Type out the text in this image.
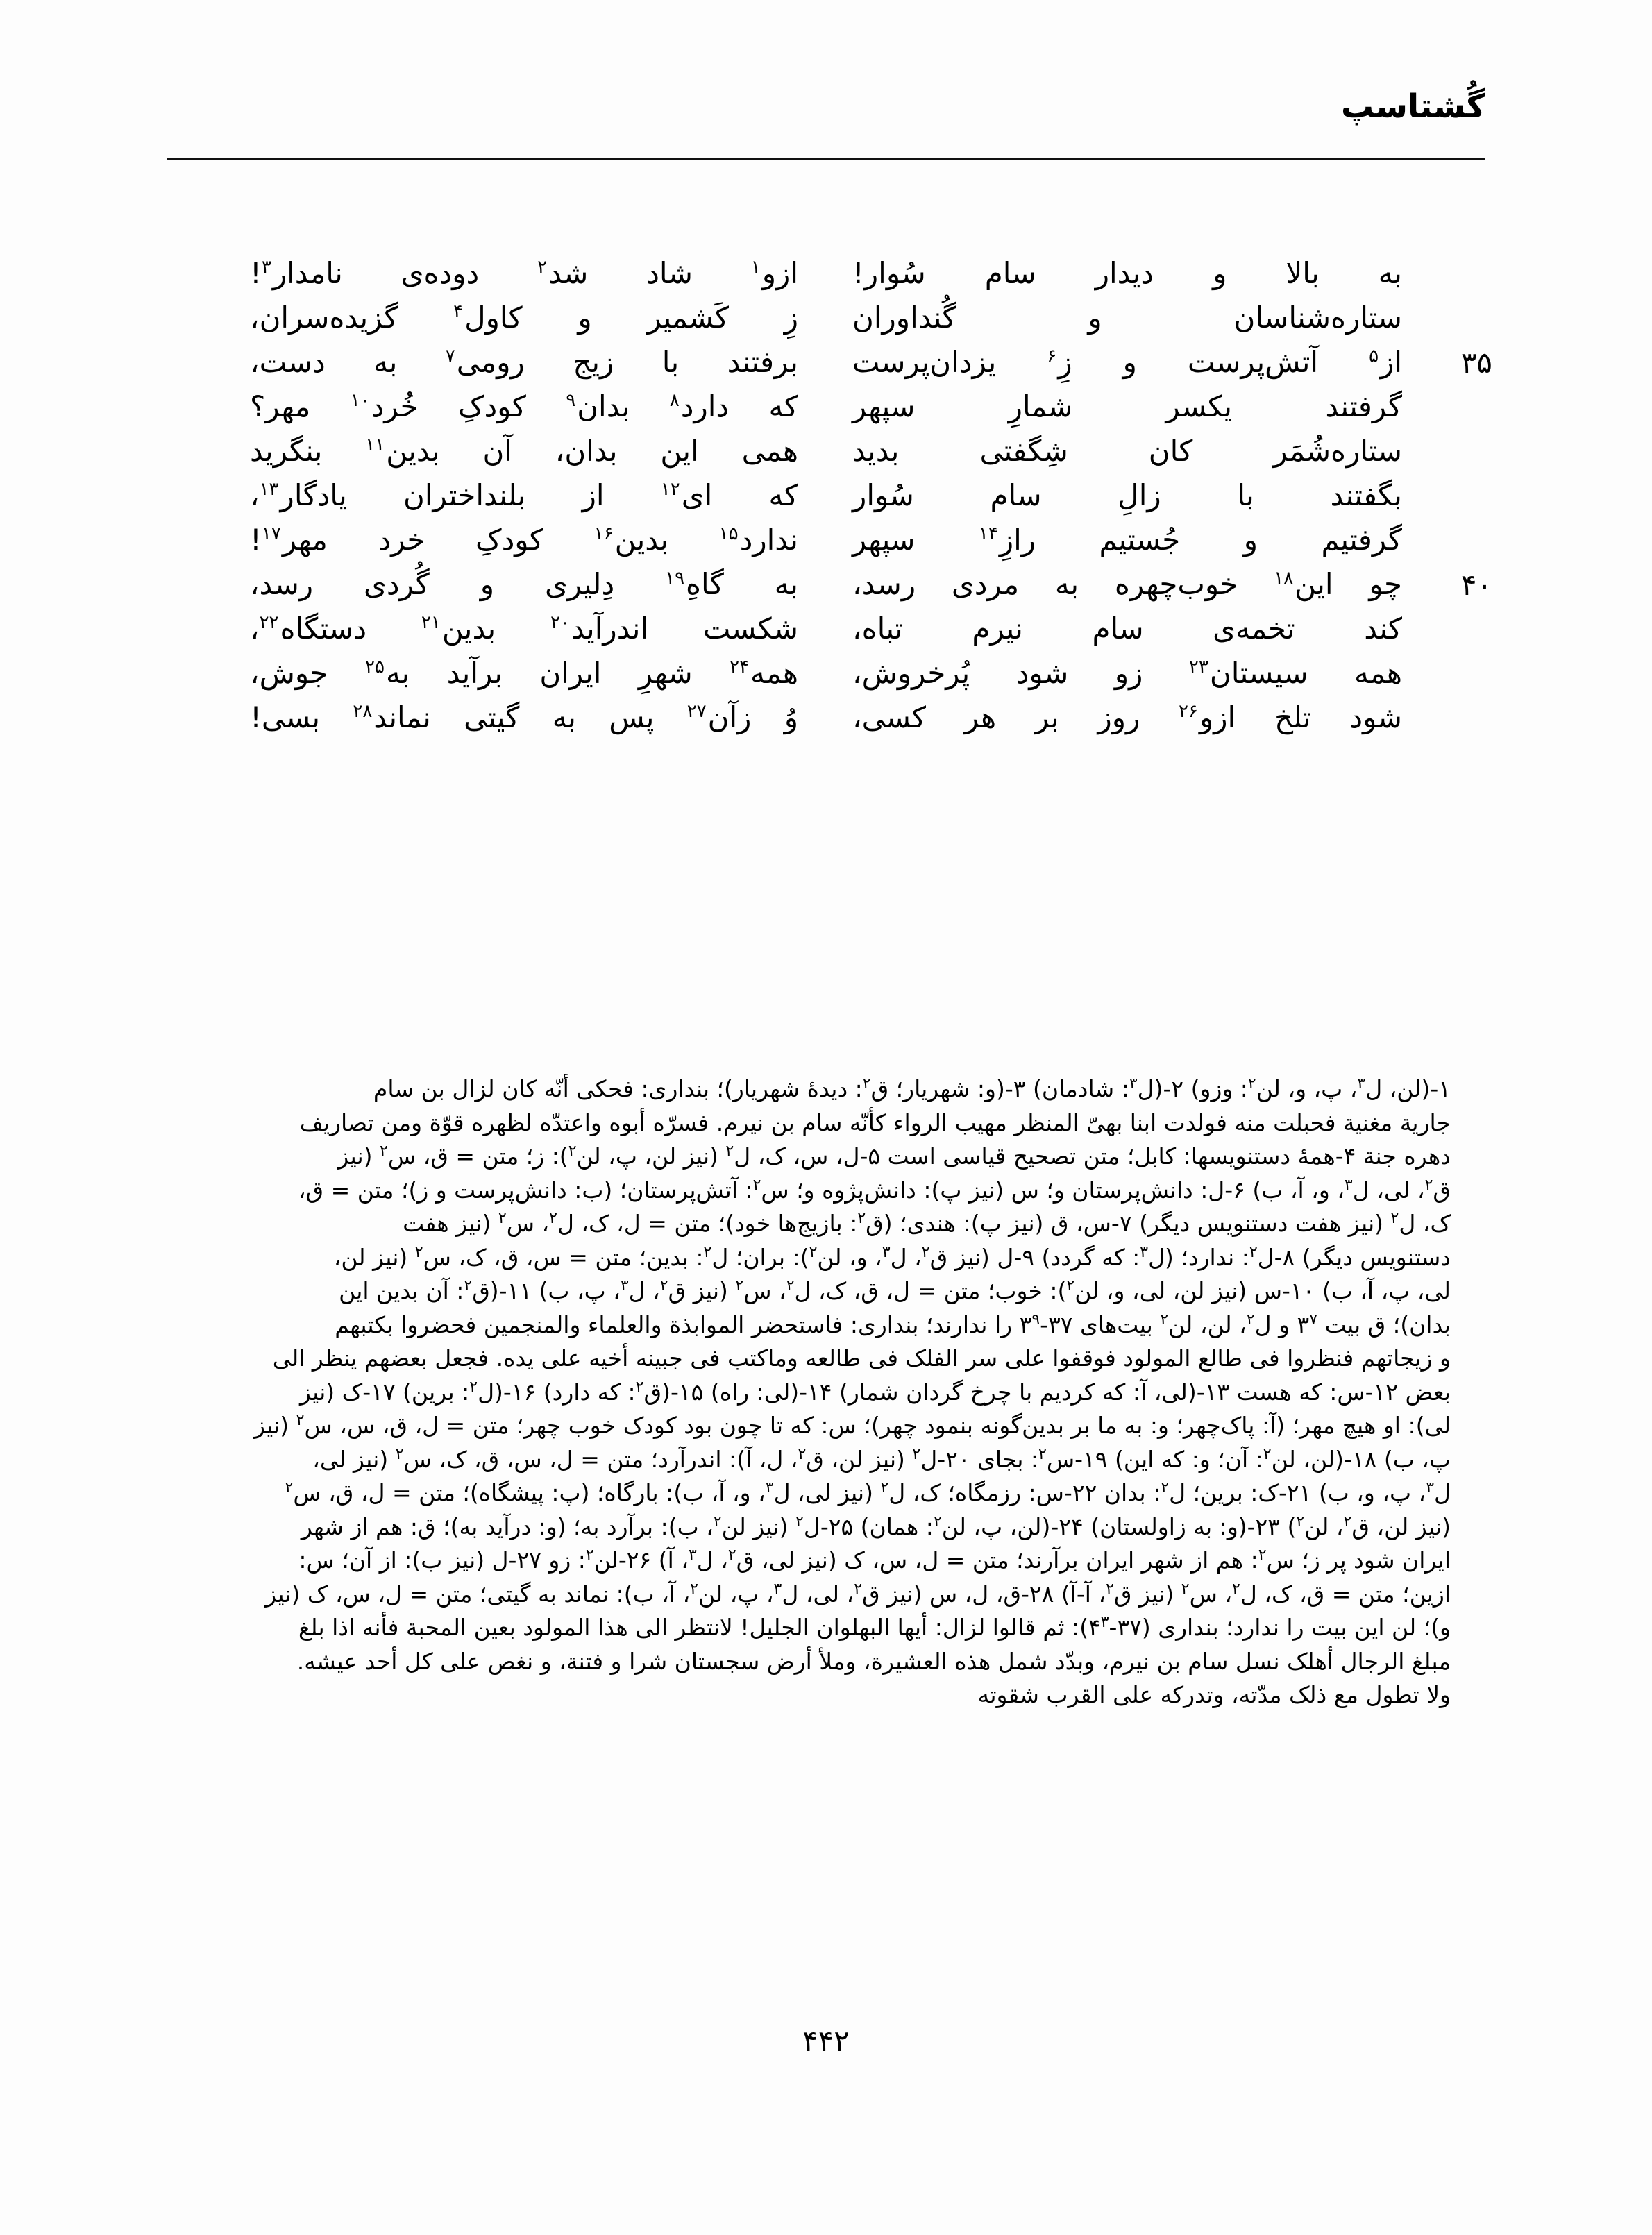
گُشتاسپ
به
بالا
و
دیدار
سام
سُوار!
ازو$^۱$
شاد
شد$^۲$
دوده‌ی
نامدار$^۳$!
ستاره‌شناسان
و
گُنداوران
زِ
کَشمیر
و
کاول$^۴$
گزیده‌سران،
۳۵
از$^۵$
آتش‌پرست
و
زِ$^۶$
یزدان‌پرست
برفتند
با
زیج
رومی$^۷$
به
دست،
گرفتند
یکسر
شمارِ
سپهر
که
دارد$^۸$
بدان$^۹$
کودکِ
خُرد$^{۱۰}$
مهر؟
ستاره‌شُمَر
کان
شِگفتی
بدید
همی
این
بدان،
آن
بدین$^{۱۱}$
بنگرید
بگفتند
با
زالِ
سام
سُوار
که
ای$^{۱۲}$
از
بلنداختران
یادگار$^{۱۳}$،
گرفتیم
و
جُستیم
رازِ$^{۱۴}$
سپهر
ندارد$^{۱۵}$
بدین$^{۱۶}$
کودکِ
خرد
مهر$^{۱۷}$!
۴۰
چو
این$^{۱۸}$
خوب‌چهره
به
مردی
رسد،
به
گاهِ$^{۱۹}$
دِلیری
و
گُردی
رسد،
کند
تخمه‌ی
سام
نیرم
تباه،
شکست
اندرآید$^{۲۰}$
بدین$^{۲۱}$
دستگاه$^{۲۲}$،
همه
سیستان$^{۲۳}$
زو
شود
پُرخروش،
همه$^{۲۴}$
شهرِ
ایران
برآید
به$^{۲۵}$
جوش،
شود
تلخ
ازو$^{۲۶}$
روز
بر
هر
کسی،
وُ
زآن$^{۲۷}$
پس
به
گیتی
نماند$^{۲۸}$
بسی!

۱-(لن، ل$^۳$، پ، و، لن$^۲$: وزو) ۲-(ل$^۳$: شادمان) ۳-(و: شهریار؛ ق$^۲$: دیدهٔ شهریار)؛ بنداری: فحکی أنّه کان لزال بن سام

جاریة مغنیة فحبلت منه فولدت ابنا بهیّ المنظر مهیب الرواء کأنّه سام بن نیرم. فسرّه أبوه واعتدّه لظهره قوّة ومن تصاریف

دهره جنة ۴-همهٔ دستنویسها: کابل؛ متن تصحیح قیاسی است ۵-ل، س، ک، ل$^۲$ (نیز لن، پ، لن$^۲$): ز؛ متن = ق، س$^۲$ (نیز

ق$^۲$، لی، ل$^۳$، و، آ، ب) ۶-ل: دانش‌پرستان و؛ س (نیز پ): دانش‌پژوه و؛ س$^۲$: آتش‌پرستان؛ (ب: دانش‌پرست و ز)؛ متن = ق،

ک، ل$^۲$ (نیز هفت دستنویس دیگر) ۷-س، ق (نیز پ): هندی؛ (ق$^۲$: بازیج‌ها خود)؛ متن = ل، ک، ل$^۲$، س$^۲$ (نیز هفت

دستنویس دیگر) ۸-ل$^۲$: ندارد؛ (ل$^۳$: که گردد) ۹-ل (نیز ق$^۲$، ل$^۳$، و، لن$^۲$): بران؛ ل$^۲$: بدین؛ متن = س، ق، ک، س$^۲$ (نیز لن،

لی، پ، آ، ب) ۱۰-س (نیز لن، لی، و، لن$^۲$): خوب؛ متن = ل، ق، ک، ل$^۲$، س$^۲$ (نیز ق$^۲$، ل$^۳$، پ، ب) ۱۱-(ق$^۲$: آن بدین این

بدان)؛ ق بیت $۳^۷$ و ل$^۲$، لن، لن$^۲$ بیت‌های $۳۷-۳^۹$ را ندارند؛ بنداری: فاستحضر الموابذة والعلماء والمنجمین فحضروا بکتبهم

و زیجاتهم فنظروا فی طالع المولود فوقفوا علی سر الفلک فی طالعه وماکتب فی جبینه أخیه علی یده. فجعل بعضهم ینظر الی

بعض ۱۲-س: که هست ۱۳-(لی، آ: که کردیم با چرخ گردان شمار) ۱۴-(لی: راه) ۱۵-(ق$^۲$: که دارد) ۱۶-(ل$^۲$: برین) ۱۷-ک (نیز

لی): او هیچ مهر؛ (آ: پاک‌چهر؛ و: به ما بر بدین‌گونه بنمود چهر)؛ س: که تا چون بود کودک خوب چهر؛ متن = ل، ق، س، س$^۲$ (نیز

پ، ب) ۱۸-(لن، لن$^۲$: آن؛ و: که این) ۱۹-س$^۲$: بجای ۲۰-ل$^۲$ (نیز لن، ق$^۲$، ل، آ): اندرآرد؛ متن = ل، س، ق، ک، س$^۲$ (نیز لی،

ل$^۳$، پ، و، ب) ۲۱-ک: برین؛ ل$^۲$: بدان ۲۲-س: رزمگاه؛ ک، ل$^۲$ (نیز لی، ل$^۳$، و، آ، ب): بارگاه؛ (پ: پیشگاه)؛ متن = ل، ق، س$^۲$

(نیز لن، ق$^۲$، لن$^۲$) ۲۳-(و: به زاولستان) ۲۴-(لن، پ، لن$^۲$: همان) ۲۵-ل$^۲$ (نیز لن$^۲$، ب): برآرد به؛ (و: درآید به)؛ ق: هم از شهر

ایران شود پر ز؛ س$^۲$: هم از شهر ایران برآرند؛ متن = ل، س، ک (نیز لی، ق$^۲$، ل$^۳$، آ) ۲۶-لن$^۲$: زو ۲۷-ل (نیز ب): از آن؛ س:

ازین؛ متن = ق، ک، ل$^۲$، س$^۲$ (نیز ق$^۲$، آ-آ) ۲۸-ق، ل، س (نیز ق$^۲$، لی، ل$^۳$، پ، لن$^۲$، آ، ب): نماند به گیتی؛ متن = ل، س، ک (نیز

و)؛ لن این بیت را ندارد؛ بنداری $(۳۷-۴^۳)$: ثم قالوا لزال: أیها البهلوان الجلیل! لانتظر الی هذا المولود بعین المحبة فأنه اذا بلغ

مبلغ الرجال أهلک نسل سام بن نیرم، وبدّد شمل هذه العشیرة، وملأ أرض سجستان شرا و فتنة، و نغص علی کل أحد عیشه.

ولا تطول مع ذلک مدّته، وتدرکه علی القرب شقوته

۴۴۲
